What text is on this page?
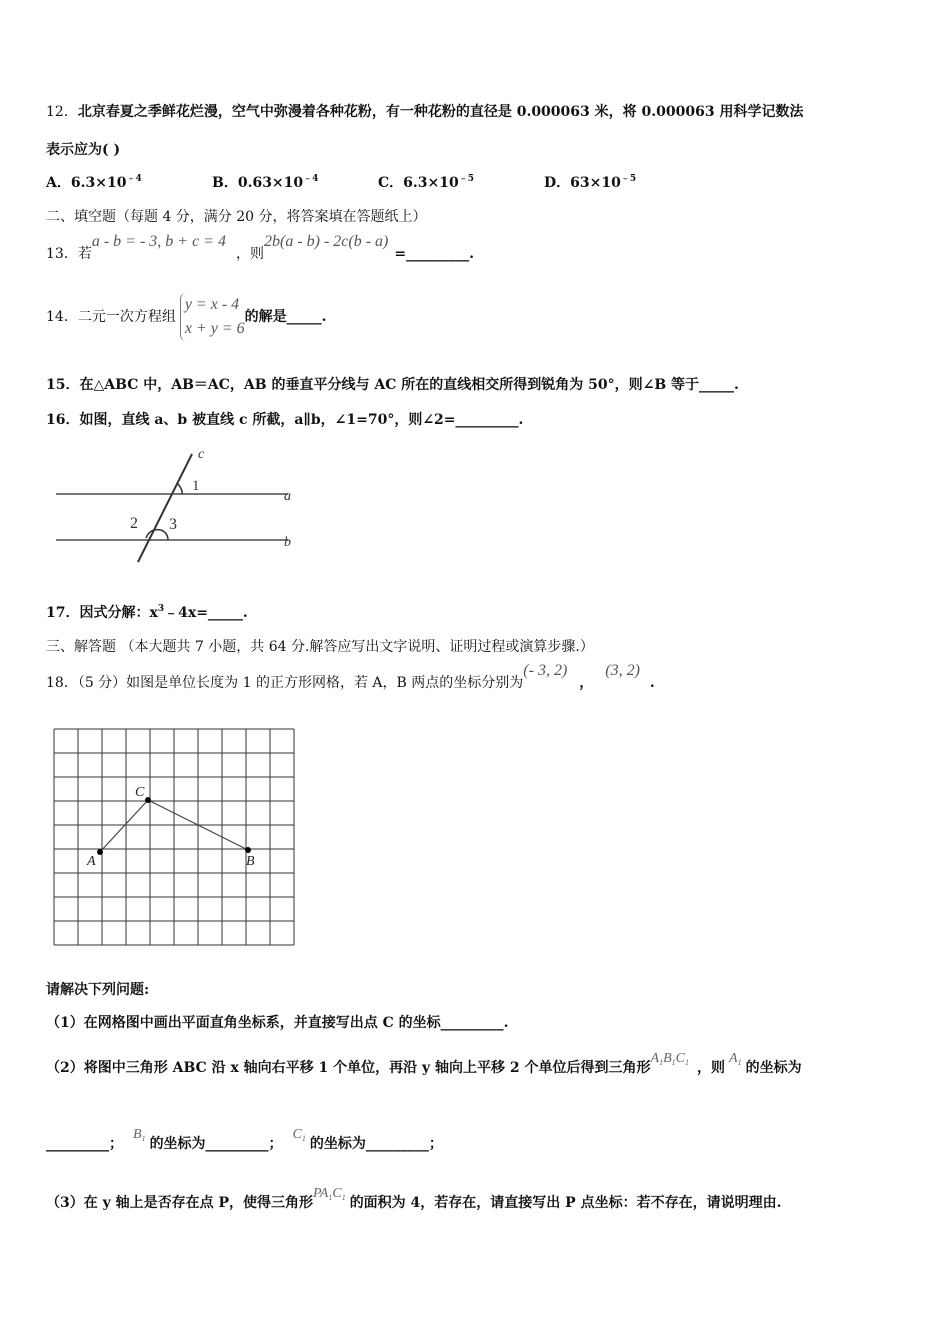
12．北京春夏之季鲜花烂漫，空气中弥漫着各种花粉，有一种花粉的直径是 0.000063 米，将 0.000063 用科学记数法
表示应为( )
A．$6.3\times 10^{﹣4}$	B．$0.63\times 10^{﹣4}$	C．$6.3\times 10^{﹣5}$	D．$63\times 10^{﹣5}$
二、填空题（每题 4 分，满分 20 分，将答案填在答题纸上）
13．若a - b = - 3, b + c = 4，则2b(a - b) - 2c(b - a)=_________.
14．二元一次方程组
y = x - 4
x + y = 6
的解是_____.
15．在△ABC 中，AB＝AC，AB 的垂直平分线与 AC 所在的直线相交所得到锐角为 50°，则∠B 等于_____.
16．如图，直线 a、b 被直线 c 所截，a∥b，∠1=70°，则∠2=_________.
c
1
a
2 3
b
17．因式分解：$x^3﹣4x=\_\_\_\_\_$.
三、解答题 （本大题共 7 小题，共 64 分.解答应写出文字说明、证明过程或演算步骤.）
18．（5 分）如图是单位长度为 1 的正方形网格，若 A，B 两点的坐标分别为(- 3, 2)，(3, 2).
A
C
B
请解决下列问题:
（1）在网格图中画出平面直角坐标系，并直接写出点 C 的坐标_________.
（2）将图中三角形 ABC 沿 x 轴向右平移 1 个单位，再沿 y 轴向上平移 2 个单位后得到三角形$A_1B_1C_1$ ，则$A_1$ 的坐标为
_________；$B_1$ 的坐标为_________；$C_1$ 的坐标为_________；
（3）在 y 轴上是否存在点 P，使得三角形$PA_1C_1$ 的面积为 4，若存在，请直接写出 P 点坐标：若不存在，请说明理由.
